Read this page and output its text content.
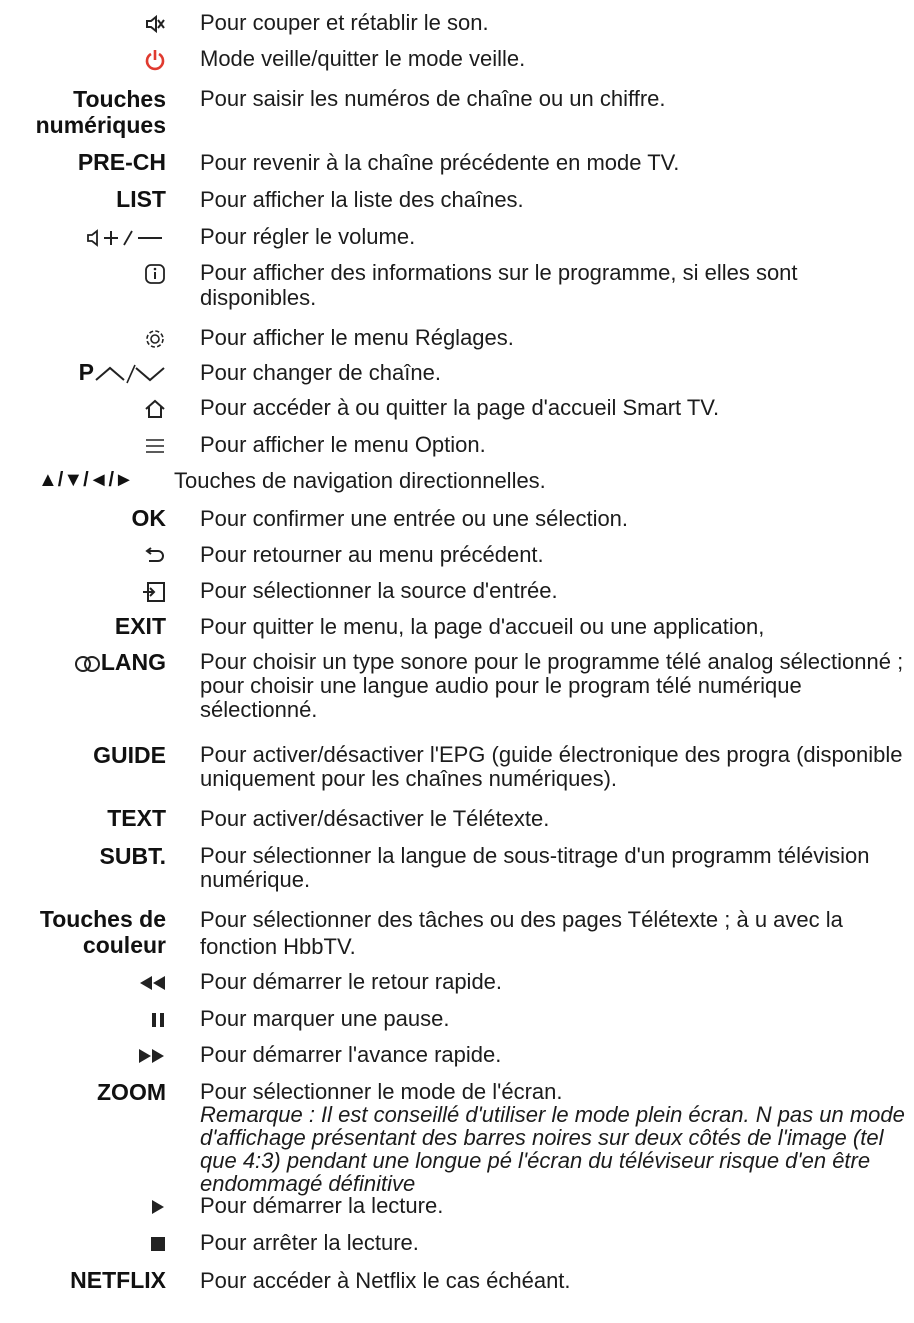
Pour couper et rétablir le son.
Mode veille/quitter le mode veille.
Touches numériques
Pour saisir les numéros de chaîne ou un chiffre.
PRE-CH Pour revenir à la chaîne précédente en mode TV.
LIST Pour afficher la liste des chaînes.
Pour régler le volume.
Pour afficher des informations sur le programme, si elles sont disponibles.
Pour afficher le menu Réglages.
P	Pour changer de chaîne.
Pour accéder à ou quitter la page d'accueil Smart TV.
Pour afficher le menu Option.
▲/▼/◄/► Touches de navigation directionnelles.
OK Pour confirmer une entrée ou une sélection.
Pour retourner au menu précédent.
Pour sélectionner la source d'entrée.
EXIT Pour quitter le menu, la page d'accueil ou une application,
LANG Pour choisir un type sonore pour le programme télé analog sélectionné ; pour choisir une langue audio pour le program télé numérique sélectionné.
GUIDE Pour activer/désactiver l'EPG (guide électronique des progra (disponible uniquement pour les chaînes numériques).
TEXT Pour activer/désactiver le Télétexte.
SUBT. Pour sélectionner la langue de sous-titrage d'un programm télévision numérique.
Touches de couleur
Pour sélectionner des tâches ou des pages Télétexte ; à u avec la fonction HbbTV.
Pour démarrer le retour rapide.
Pour marquer une pause.
Pour démarrer l'avance rapide.
ZOOM Pour sélectionner le mode de l'écran.
Remarque : Il est conseillé d'utiliser le mode plein écran. N pas un mode d'affichage présentant des barres noires sur deux côtés de l'image (tel que 4:3) pendant une longue pé l'écran du téléviseur risque d'en être endommagé définitive
Pour démarrer la lecture.
Pour arrêter la lecture.
NETFLIX Pour accéder à Netflix le cas échéant.
